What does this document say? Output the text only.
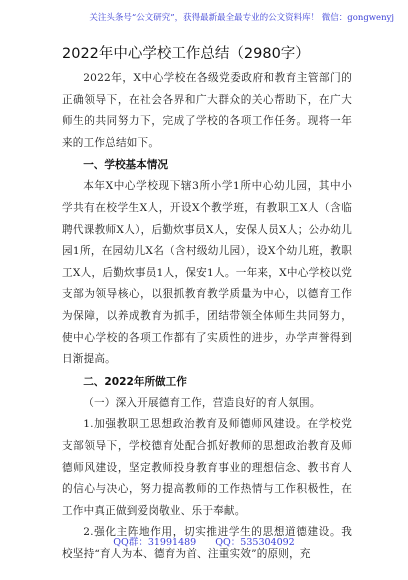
关注头条号“公文研究”，获得最新最全最专业的公文资料库！ 微信：gongwenyj
2022年中心学校工作总结（2980字）

2022年，X中心学校在各级党委政府和教育主管部门的正确领导下，在社会各界和广大群众的关心帮助下，在广大师生的共同努力下，完成了学校的各项工作任务。现将一年来的工作总结如下。

一、学校基本情况

本年X中心学校现下辖3所小学1所中心幼儿园，其中小学共有在校学生X人，开设X个教学班，有教职工X人（含临聘代课教师X人），后勤炊事员X人，安保人员X人；公办幼儿园1所，在园幼儿X名（含村级幼儿园），设X个幼儿班，教职工X人，后勤炊事员1人，保安1人。一年来，X中心学校以党支部为领导核心，以狠抓教育教学质量为中心，以德育工作为保障，以养成教育为抓手，团结带领全体师生共同努力，使中心学校的各项工作都有了实质性的进步，办学声誉得到日渐提高。

二、2022年所做工作

（一）深入开展德育工作，营造良好的育人氛围。

1.加强教职工思想政治教育及师德师风建设。在学校党支部领导下，学校德育处配合抓好教师的思想政治教育及师德师风建设，坚定教师投身教育事业的理想信念、教书育人的信心与决心，努力提高教师的工作热情与工作积极性，在工作中真正做到爱岗敬业、乐于奉献。

2.强化主阵地作用，切实推进学生的思想道德建设。我校坚持“育人为本、德育为首、注重实效”的原则，充

QQ群：31991489 QQ：535304092
